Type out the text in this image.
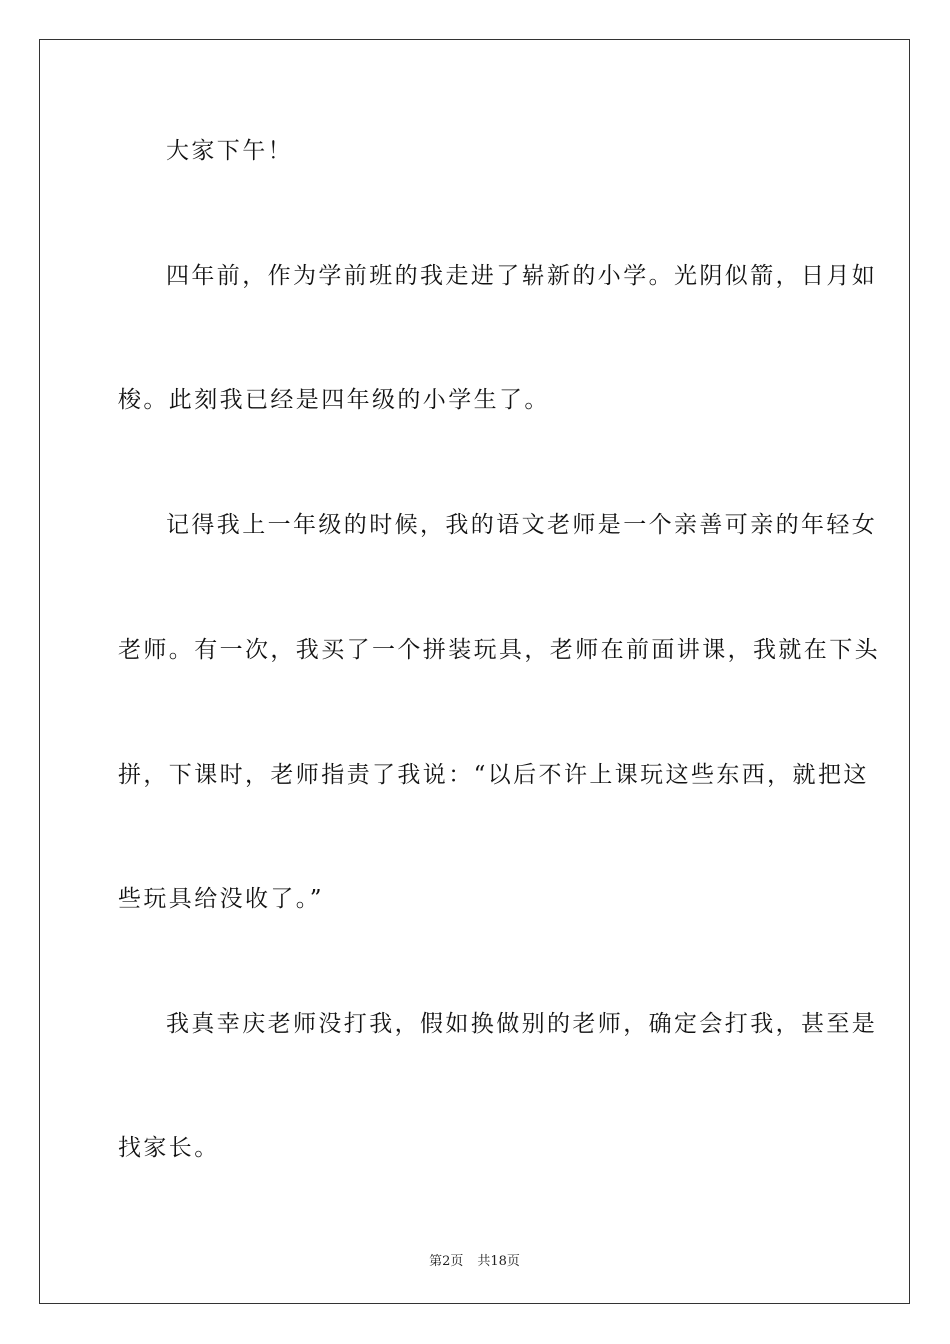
大家下午！
四年前，作为学前班的我走进了崭新的小学。光阴似箭，日月如
梭。此刻我已经是四年级的小学生了。
记得我上一年级的时候，我的语文老师是一个亲善可亲的年轻女
老师。有一次，我买了一个拼装玩具，老师在前面讲课，我就在下头
拼，下课时，老师指责了我说：“以后不许上课玩这些东西，就把这
些玩具给没收了。”
我真幸庆老师没打我，假如换做别的老师，确定会打我，甚至是
找家长。
第2页 共18页
